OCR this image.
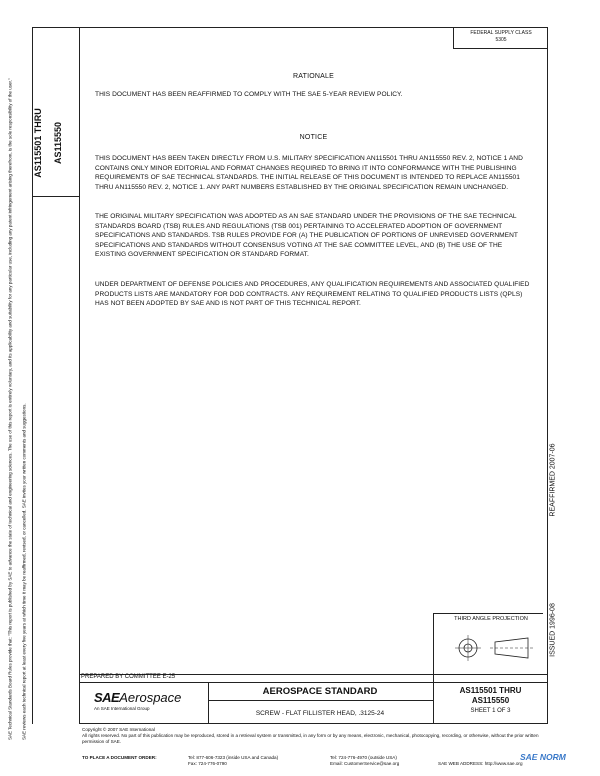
FEDERAL SUPPLY CLASS
5305
AS115501 THRU AS115550
SAE Technical Standards Board Rules provide that: "This report is published by SAE to advance the state of technical and engineering sciences. The use of this report is entirely voluntary, and its applicability and suitability for any particular use, including any patent infringement arising therefrom, is the sole responsibility of the user." SAE reviews each technical report at least every five years at which time it may be reaffirmed, revised, or cancelled. SAE invites your written comments and suggestions.
RATIONALE
THIS DOCUMENT HAS BEEN REAFFIRMED TO COMPLY WITH THE SAE 5-YEAR REVIEW POLICY.
NOTICE
THIS DOCUMENT HAS BEEN TAKEN DIRECTLY FROM U.S. MILITARY SPECIFICATION AN115501 THRU AN115550 REV. 2, NOTICE 1 AND CONTAINS ONLY MINOR EDITORIAL AND FORMAT CHANGES REQUIRED TO BRING IT INTO CONFORMANCE WITH THE PUBLISHING REQUIREMENTS OF SAE TECHNICAL STANDARDS. THE INITIAL RELEASE OF THIS DOCUMENT IS INTENDED TO REPLACE AN115501 THRU AN115550 REV. 2, NOTICE 1. ANY PART NUMBERS ESTABLISHED BY THE ORIGINAL SPECIFICATION REMAIN UNCHANGED.
THE ORIGINAL MILITARY SPECIFICATION WAS ADOPTED AS AN SAE STANDARD UNDER THE PROVISIONS OF THE SAE TECHNICAL STANDARDS BOARD (TSB) RULES AND REGULATIONS (TSB 001) PERTAINING TO ACCELERATED ADOPTION OF GOVERNMENT SPECIFICATIONS AND STANDARDS. TSB RULES PROVIDE FOR (A) THE PUBLICATION OF PORTIONS OF UNREVISED GOVERNMENT SPECIFICATIONS AND STANDARDS WITHOUT CONSENSUS VOTING AT THE SAE COMMITTEE LEVEL, AND (B) THE USE OF THE EXISTING GOVERNMENT SPECIFICATION OR STANDARD FORMAT.
UNDER DEPARTMENT OF DEFENSE POLICIES AND PROCEDURES, ANY QUALIFICATION REQUIREMENTS AND ASSOCIATED QUALIFIED PRODUCTS LISTS ARE MANDATORY FOR DOD CONTRACTS. ANY REQUIREMENT RELATING TO QUALIFIED PRODUCTS LISTS (QPLS) HAS NOT BEEN ADOPTED BY SAE AND IS NOT PART OF THIS TECHNICAL REPORT.
REAFFIRMED 2007-06
ISSUED 1996-08
THIRD ANGLE PROJECTION
PREPARED BY COMMITTEE E-25
SAEAerospace
An SAE International Group
AEROSPACE STANDARD
SCREW - FLAT FILLISTER HEAD, .3125-24
AS115501 THRU
AS115550
SHEET 1 OF 3
Copyright © 2007 SAE International
All rights reserved. No part of this publication may be reproduced, stored in a retrieval system or transmitted, in any form or by any means, electronic, mechanical, photocopying, recording, or otherwise, without the prior written permission of SAE.
TO PLACE A DOCUMENT ORDER:	Tel: 877-606-7323 (inside USA and Canada)
Fax: 724-776-0790
Tel: 724-776-4970 (outside USA)
Email: CustomerService@sae.org	SAE WEB ADDRESS: http://www.sae.org
SAE NORM
